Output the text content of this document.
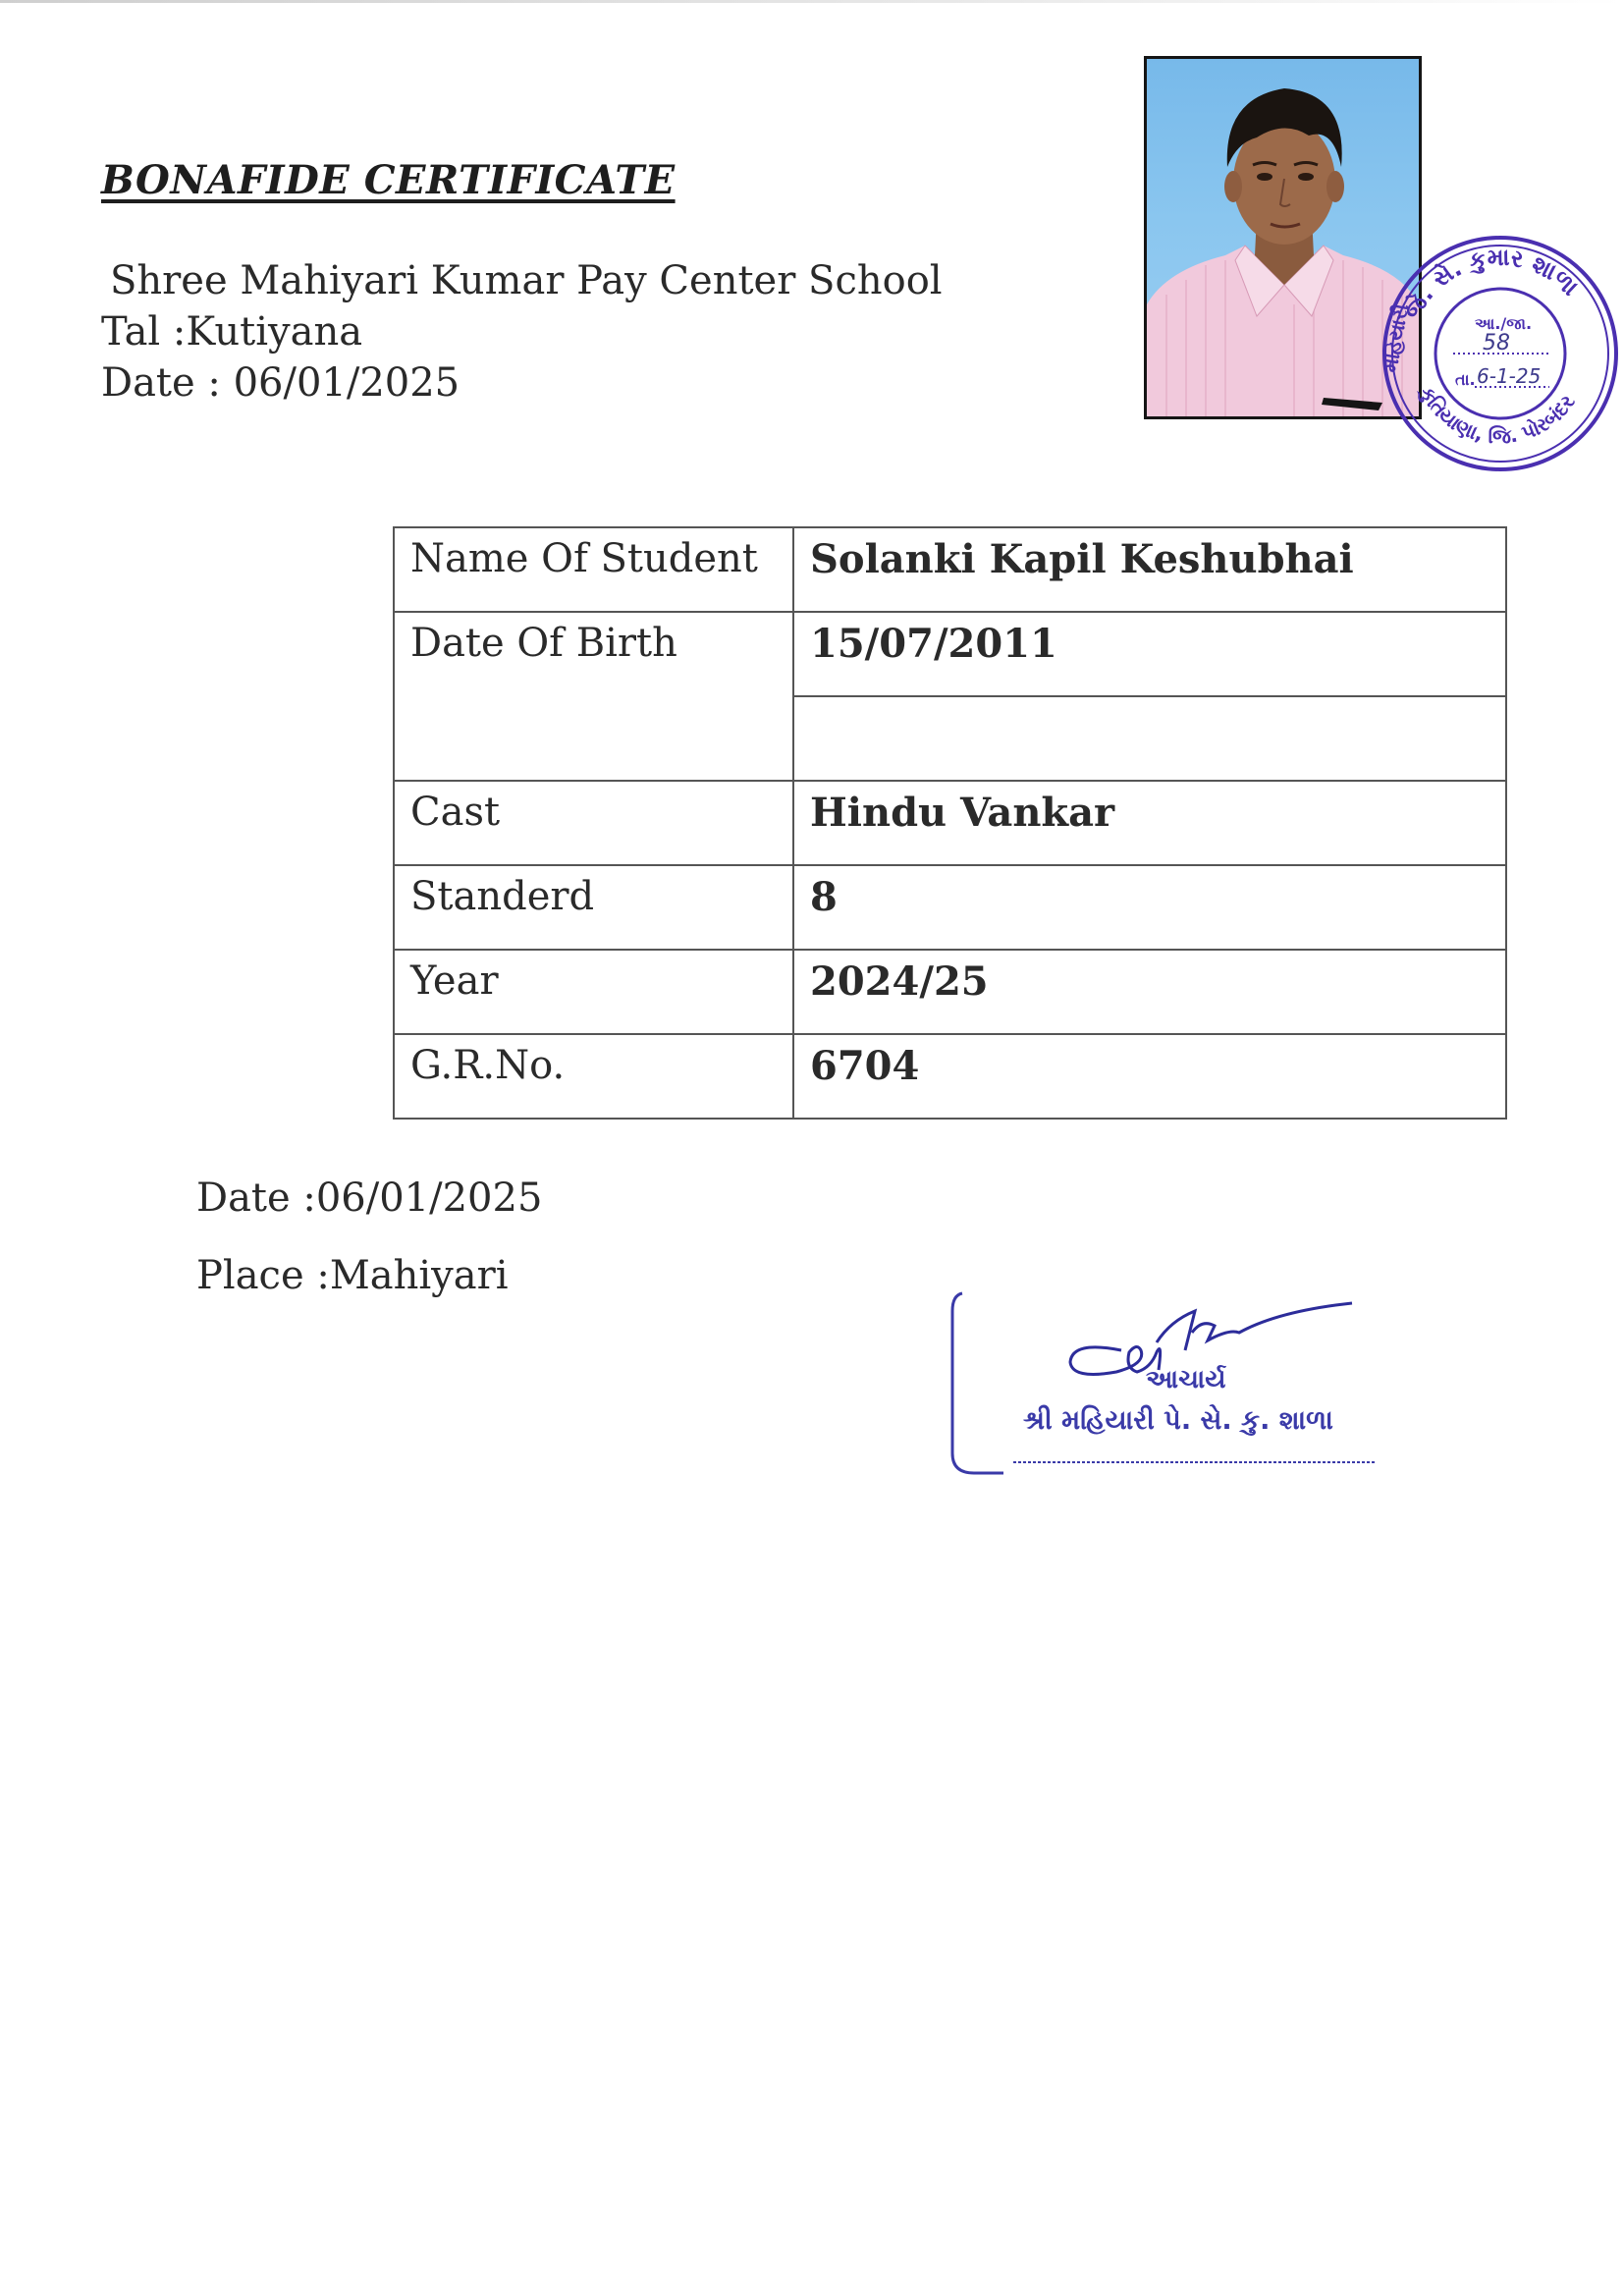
BONAFIDE CERTIFICATE
Shree Mahiyari Kumar Pay Center School
Tal :Kutiyana
Date : 06/01/2025
જે. સે. કુમાર શાળા
કુતિયાણા, જિ. પોરબંદર
મહિયારી	આ./જા.
58
તા. 6-1-25
Name Of Student	Solanki Kapil Keshubhai
Date Of Birth	15/07/2011

Cast	Hindu Vankar
Standerd	8
Year	2024/25
G.R.No.	6704
Date :06/01/2025
Place :Mahiyari
આચાર્ય
શ્રી મહિયારી પે. સે. કુ. શાળા
